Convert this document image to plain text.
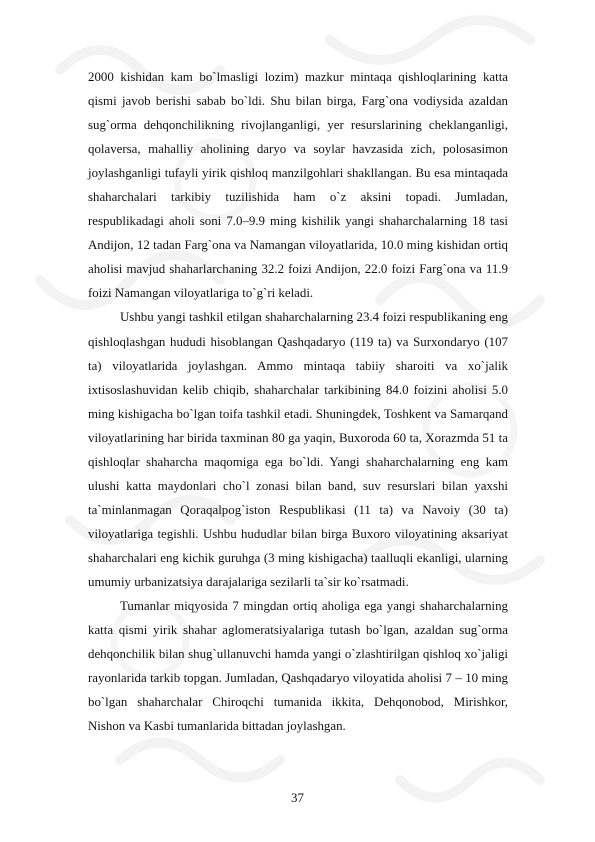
2000 kishidan kam bo`lmasligi lozim) mazkur mintaqa qishloqlarining katta qismi javob berishi sabab bo`ldi. Shu bilan birga, Farg`ona vodiysida azaldan sug`orma dehqonchilikning rivojlanganligi, yer resurslarining cheklanganligi, qolaversa, mahalliy aholining daryo va soylar havzasida zich, polosasimon joylashganligi tufayli yirik qishloq manzilgohlari shakllangan. Bu esa mintaqada shaharchalari tarkibiy tuzilishida ham o`z aksini topadi. Jumladan, respublikadagi aholi soni 7.0–9.9 ming kishilik yangi shaharchalarning 18 tasi Andijon, 12 tadan Farg`ona va Namangan viloyatlarida, 10.0 ming kishidan ortiq aholisi mavjud shaharlarchaning 32.2 foizi Andijon, 22.0 foizi Farg`ona va 11.9 foizi Namangan viloyatlariga to`g`ri keladi.

Ushbu yangi tashkil etilgan shaharchalarning 23.4 foizi respublikaning eng qishloqlashgan hududi hisoblangan Qashqadaryo (119 ta) va Surxondaryo (107 ta) viloyatlarida joylashgan. Ammo mintaqa tabiiy sharoiti va xo`jalik ixtisoslashuvidan kelib chiqib, shaharchalar tarkibining 84.0 foizini aholisi 5.0 ming kishigacha bo`lgan toifa tashkil etadi. Shuningdek, Toshkent va Samarqand viloyatlarining har birida taxminan 80 ga yaqin, Buxoroda 60 ta, Xorazmda 51 ta qishloqlar shaharcha maqomiga ega bo`ldi. Yangi shaharchalarning eng kam ulushi katta maydonlari cho`l zonasi bilan band, suv resurslari bilan yaxshi ta`minlanmagan Qoraqalpog`iston Respublikasi (11 ta) va Navoiy (30 ta) viloyatlariga tegishli. Ushbu hududlar bilan birga Buxoro viloyatining aksariyat shaharchalari eng kichik guruhga (3 ming kishigacha) taalluqli ekanligi, ularning umumiy urbanizatsiya darajalariga sezilarli ta`sir ko`rsatmadi.

Tumanlar miqyosida 7 mingdan ortiq aholiga ega yangi shaharchalarning katta qismi yirik shahar aglomeratsiyalariga tutash bo`lgan, azaldan sug`orma dehqonchilik bilan shug`ullanuvchi hamda yangi o`zlashtirilgan qishloq xo`jaligi rayonlarida tarkib topgan. Jumladan, Qashqadaryo viloyatida aholisi 7 – 10 ming bo`lgan shaharchalar Chiroqchi tumanida ikkita, Dehqonobod, Mirishkor, Nishon va Kasbi tumanlarida bittadan joylashgan.

37
